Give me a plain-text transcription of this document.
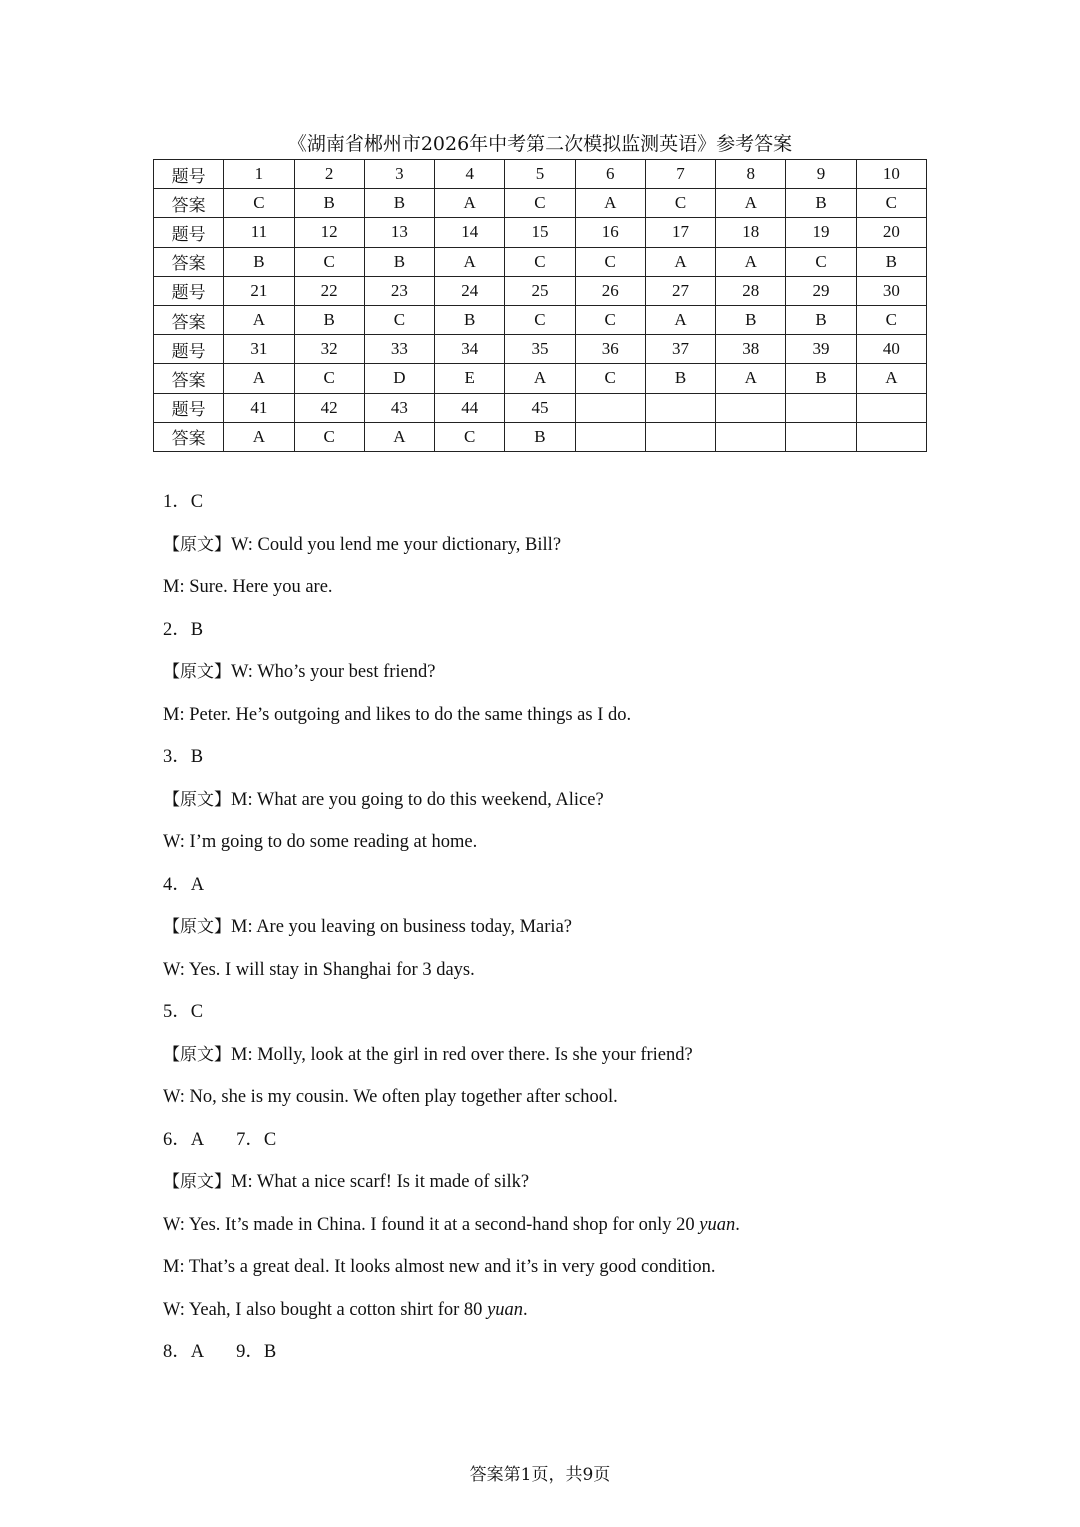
《湖南省郴州市2026年中考第二次模拟监测英语》参考答案
题号	1	2	3	4	5	6	7	8	9	10
答案	C	B	B	A	C	A	C	A	B	C
题号	11	12	13	14	15	16	17	18	19	20
答案	B	C	B	A	C	C	A	A	C	B
题号	21	22	23	24	25	26	27	28	29	30
答案	A	B	C	B	C	C	A	B	B	C
题号	31	32	33	34	35	36	37	38	39	40
答案	A	C	D	E	A	C	B	A	B	A
题号	41	42	43	44	45					
答案	A	C	A	C	B					
1．C
【原文】W: Could you lend me your dictionary, Bill?
M: Sure. Here you are.
2．B
【原文】W: Who’s your best friend?
M: Peter. He’s outgoing and likes to do the same things as I do.
3．B
【原文】M: What are you going to do this weekend, Alice?
W: I’m going to do some reading at home.
4．A
【原文】M: Are you leaving on business today, Maria?
W: Yes. I will stay in Shanghai for 3 days.
5．C
【原文】M: Molly, look at the girl in red over there. Is she your friend?
W: No, she is my cousin. We often play together after school.
6．A 7．C
【原文】M: What a nice scarf! Is it made of silk?
W: Yes. It’s made in China. I found it at a second-hand shop for only 20 yuan.
M: That’s a great deal. It looks almost new and it’s in very good condition.
W: Yeah, I also bought a cotton shirt for 80 yuan.
8．A 9．B
答案第1页，共9页
